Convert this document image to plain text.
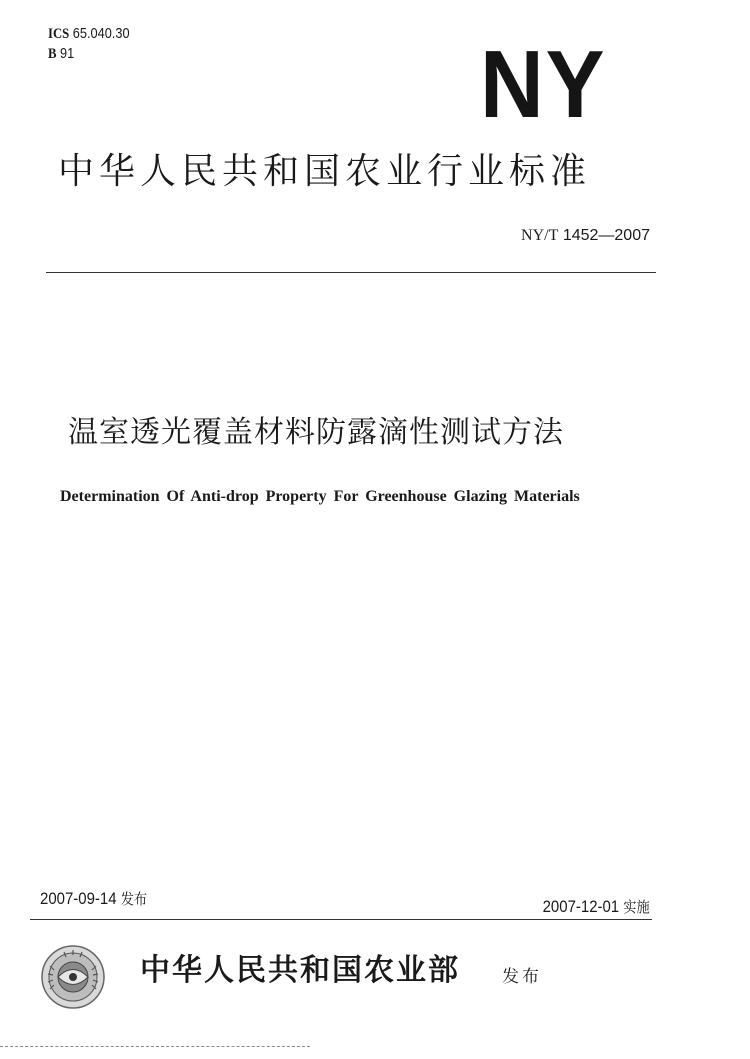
ICS 65.040.30
B 91	NY
中华人民共和国农业行业标准
NY/T 1452—2007
温室透光覆盖材料防露滴性测试方法
Determination Of Anti-drop Property For Greenhouse Glazing Materials
2007-09-14 发布	2007-12-01 实施
中华人民共和国农业部 发布
